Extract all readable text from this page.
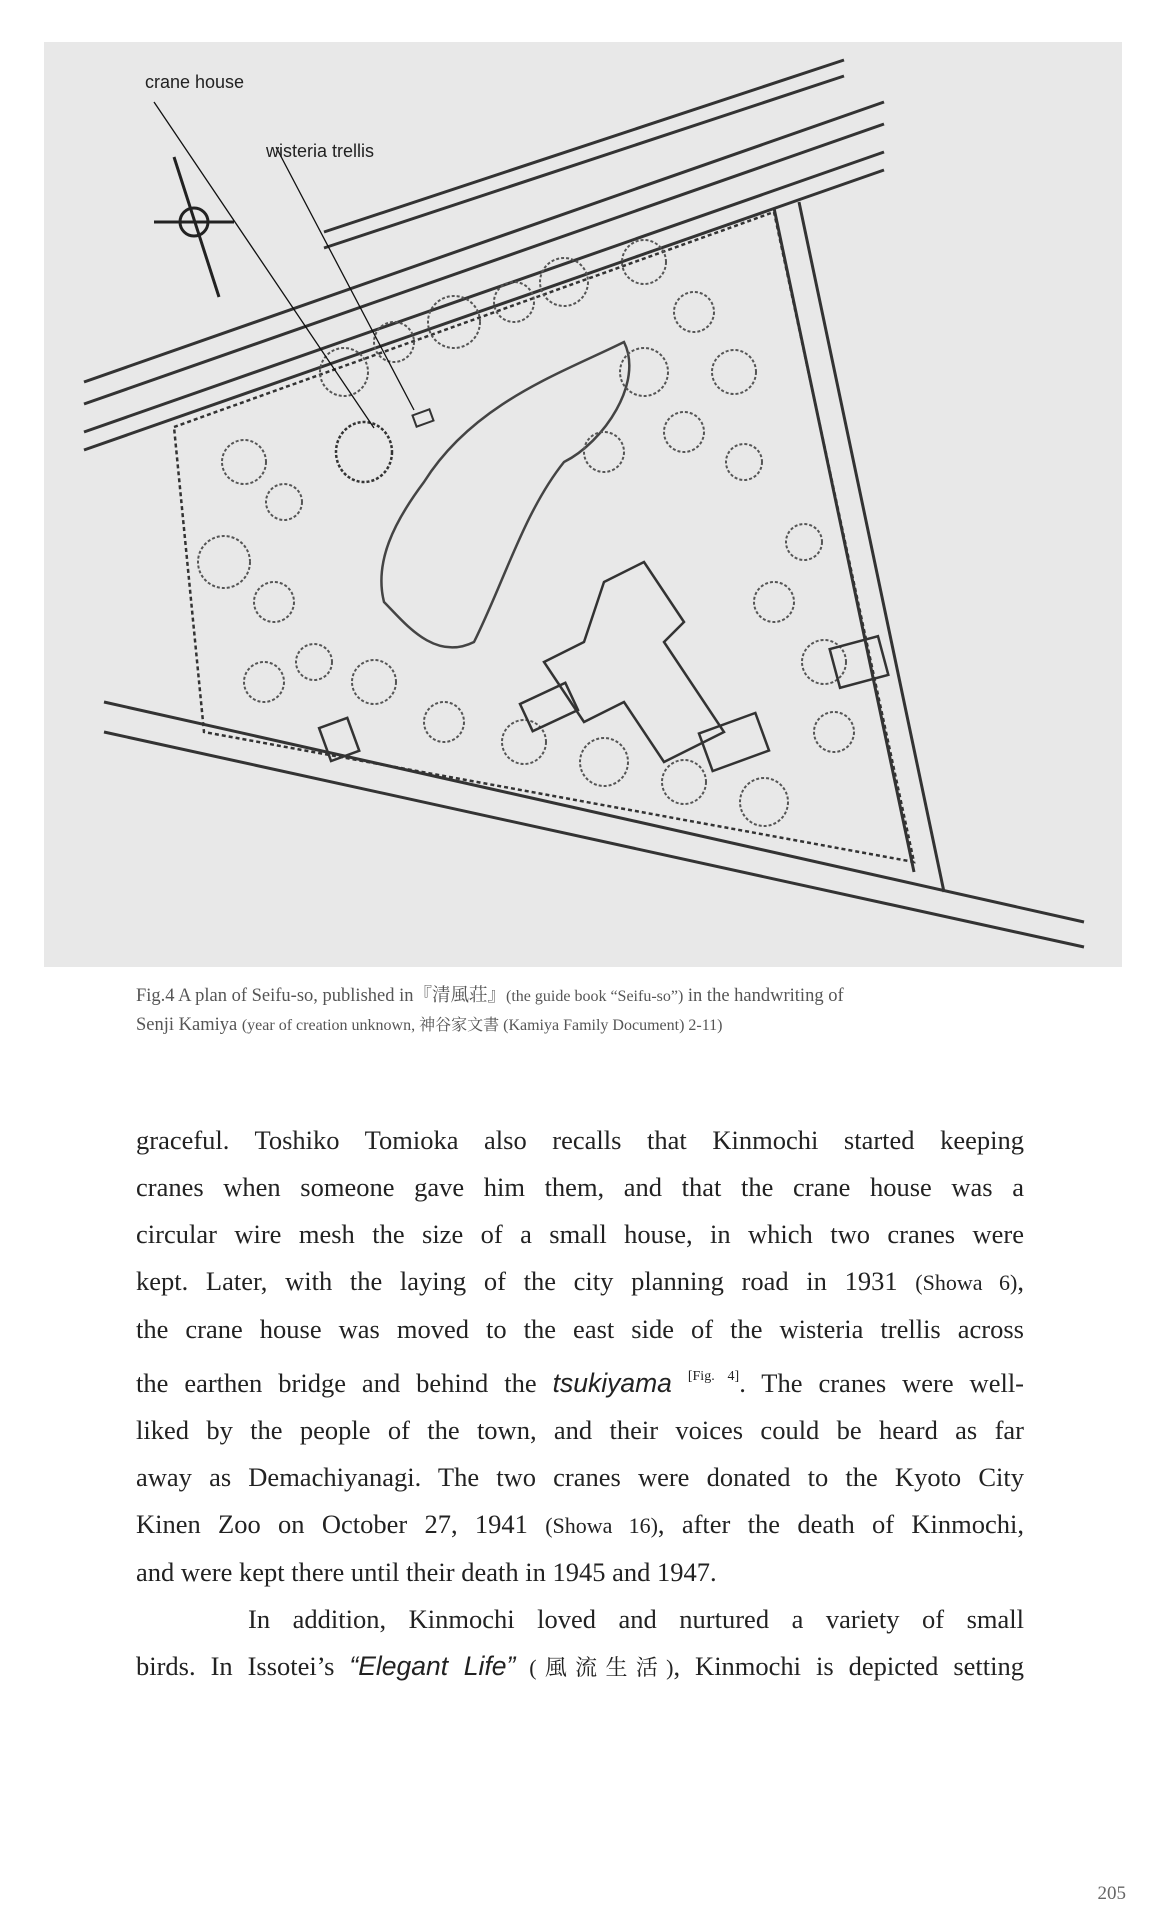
crane house
wisteria trellis
Fig.4 A plan of Seifu-so, published in『清風荘』(the guide book “Seifu-so”) in the handwriting of
Senji Kamiya (year of creation unknown, 神谷家文書 (Kamiya Family Document) 2-11)
graceful. Toshiko Tomioka also recalls that Kinmochi started keeping
cranes when someone gave him them, and that the crane house was a
circular wire mesh the size of a small house, in which two cranes were
kept. Later, with the laying of the city planning road in 1931 (Showa 6),
the crane house was moved to the east side of the wisteria trellis across
the earthen bridge and behind the tsukiyama [Fig. 4]. The cranes were well-
liked by the people of the town, and their voices could be heard as far
away as Demachiyanagi. The two cranes were donated to the Kyoto City
Kinen Zoo on October 27, 1941 (Showa 16), after the death of Kinmochi,
and were kept there until their death in 1945 and 1947.
In addition, Kinmochi loved and nurtured a variety of small
birds. In Issotei’s “Elegant Life” (風流生活), Kinmochi is depicted setting
205
